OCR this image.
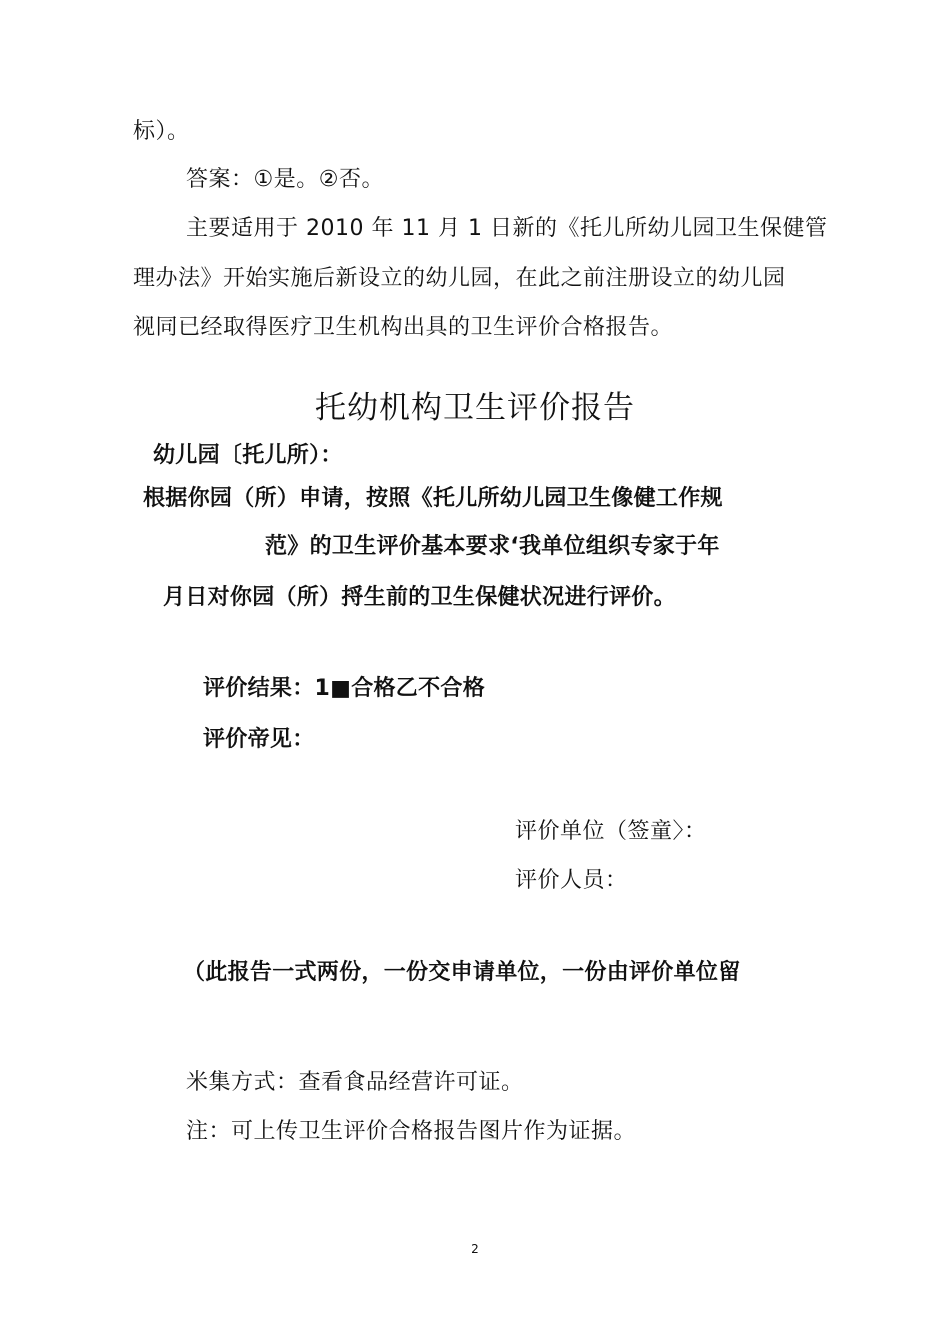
标）。
答案：①是。②否。
主要适用于 2010 年 11 月 1 日新的《托儿所幼儿园卫生保健管
理办法》开始实施后新设立的幼儿园，在此之前注册设立的幼儿园
视同已经取得医疗卫生机构出具的卫生评价合格报告。
托幼机构卫生评价报告
幼儿园〔托儿所）：
根据你园（所）申请，按照《托儿所幼儿园卫生像健工作规
范》的卫生评价基本要求‘我单位组织专家于年
月日对你园（所）捋生前的卫生保健状况进行评价。
评价结果：1■合格乙不合格
评价帝见：
评价单位（签童〉：
评价人员：
（此报告一式两份，一份交申请单位，一份由评价单位留
米集方式：查看食品经营许可证。
注：可上传卫生评价合格报告图片作为证据。
2
